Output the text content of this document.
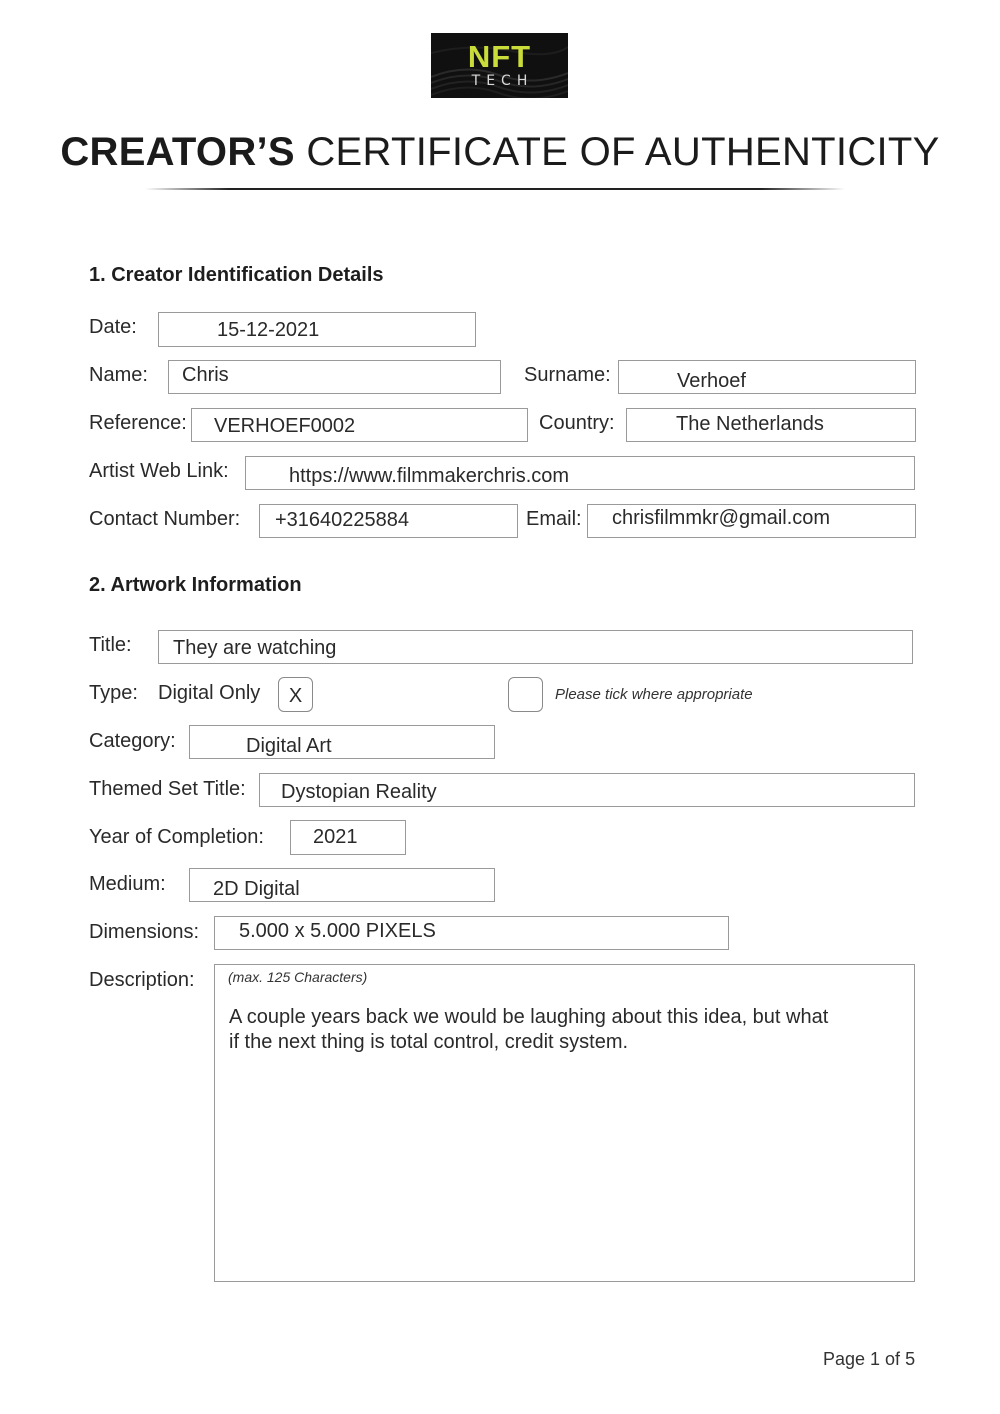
NFT
TECH
CREATOR’S CERTIFICATE OF AUTHENTICITY
1. Creator Identification Details
Date:	15-12-2021
Name: Chris	Surname:	Verhoef
Reference: VERHOEF0002	Country:	The Netherlands
Artist Web Link:	https://www.filmmakerchris.com
Contact Number: +31640225884	Email: chrisfilmmkr@gmail.com
2. Artwork Information
Title: They are watching
Type: Digital Only	X	Please tick where appropriate
Category:	Digital Art
Themed Set Title: Dystopian Reality
Year of Completion: 2021
Medium: 2D Digital
Dimensions: 5.000 x 5.000 PIXELS
Description: (max. 125 Characters)
A couple years back we would be laughing about this idea, but what
if the next thing is total control, credit system.
Page 1 of 5
